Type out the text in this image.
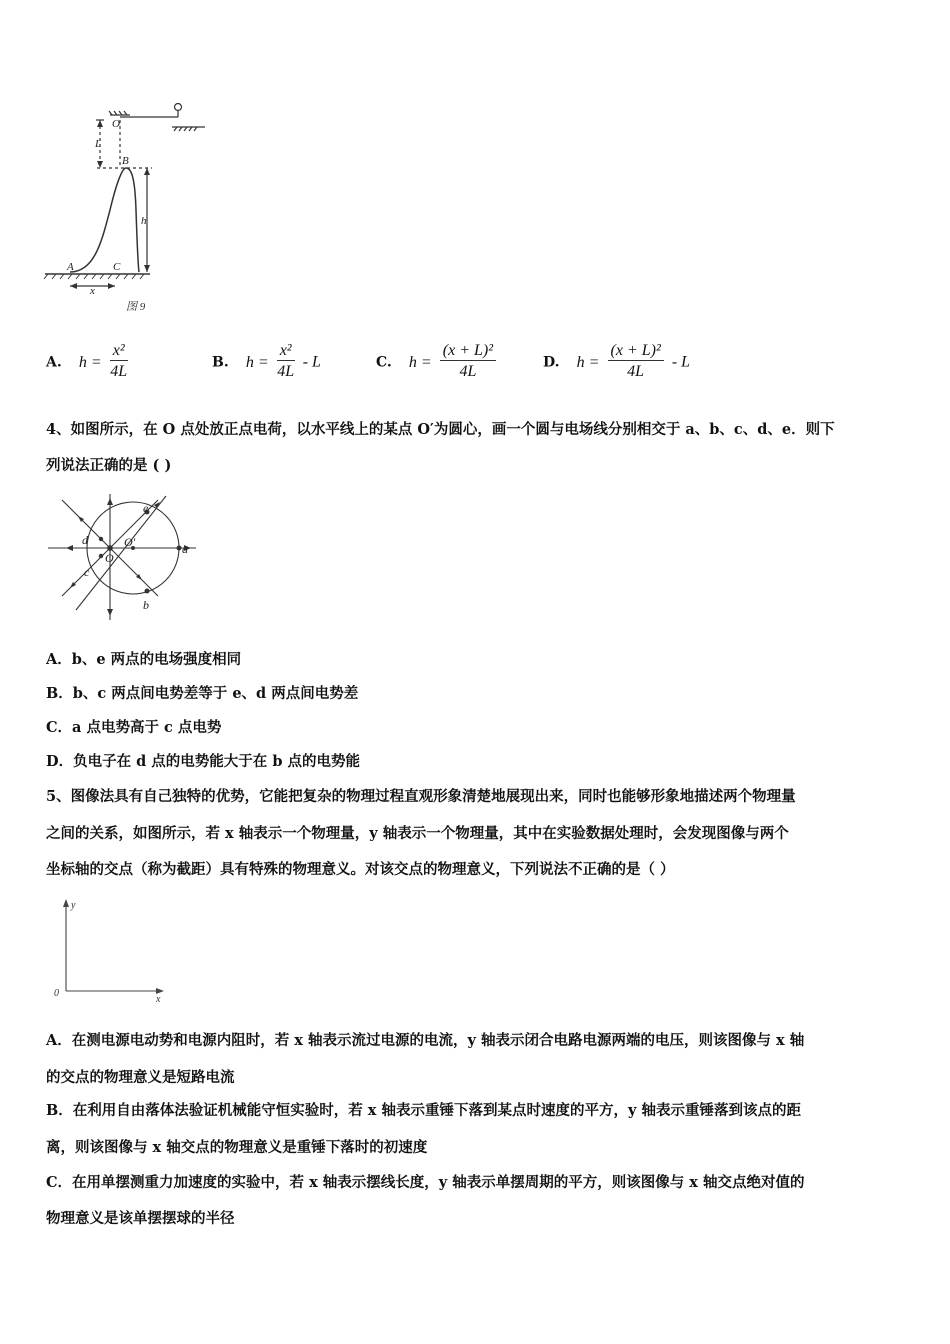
O
L
B
h
A	C
x
图 9
A. $h = \frac{\text{x²}}{4L}$	B. $h = \frac{\text{x²}}{4L} - L$	C. $h = \frac{\text{(x + L)²}}{4L}$	D. $h = \frac{\text{(x + L)²}}{4L} - L$
4、如图所示，在 O 点处放正点电荷，以水平线上的某点 O′为圆心，画一个圆与电场线分别相交于 a、b、c、d、e．则下
列说法正确的是 ( )
O
O′	a
b
c
d
e
A．b、e 两点的电场强度相同
B．b、c 两点间电势差等于 e、d 两点间电势差
C．a 点电势高于 c 点电势
D．负电子在 d 点的电势能大于在 b 点的电势能
5、图像法具有自己独特的优势，它能把复杂的物理过程直观形象清楚地展现出来，同时也能够形象地描述两个物理量
之间的关系，如图所示，若 x 轴表示一个物理量，y 轴表示一个物理量，其中在实验数据处理时，会发现图像与两个
坐标轴的交点（称为截距）具有特殊的物理意义。对该交点的物理意义，下列说法不正确的是（ ）
y
x
0
A．在测电源电动势和电源内阻时，若 x 轴表示流过电源的电流，y 轴表示闭合电路电源两端的电压，则该图像与 x 轴
的交点的物理意义是短路电流
B．在利用自由落体法验证机械能守恒实验时，若 x 轴表示重锤下落到某点时速度的平方，y 轴表示重锤落到该点的距
离，则该图像与 x 轴交点的物理意义是重锤下落时的初速度
C．在用单摆测重力加速度的实验中，若 x 轴表示摆线长度，y 轴表示单摆周期的平方，则该图像与 x 轴交点绝对值的
物理意义是该单摆摆球的半径
